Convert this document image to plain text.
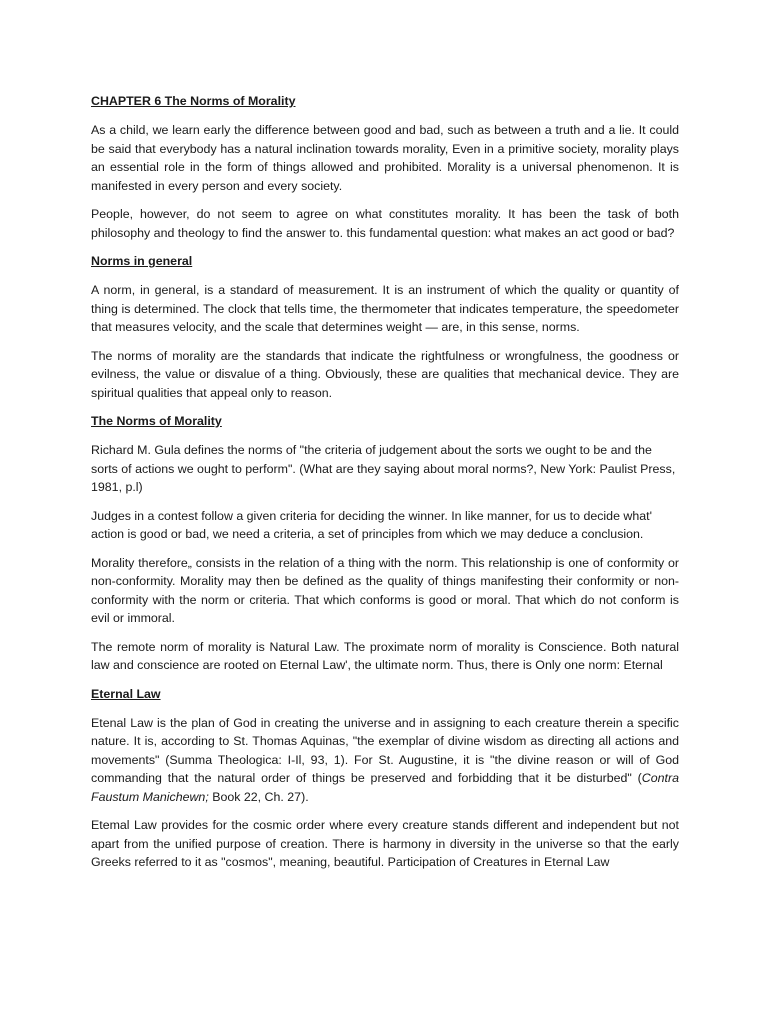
CHAPTER 6 The Norms of Morality

As a child, we learn early the difference between good and bad, such as between a truth and a lie. It could be said that everybody has a natural inclination towards morality, Even in a primitive society, morality plays an essential role in the form of things allowed and prohibited. Morality is a universal phenomenon. It is manifested in every person and every society.

People, however, do not seem to agree on what constitutes morality. It has been the task of both philosophy and theology to find the answer to. this fundamental question: what makes an act good or bad?

Norms in general

A norm, in general, is a standard of measurement. It is an instrument of which the quality or quantity of thing is determined. The clock that tells time, the thermometer that indicates temperature, the speedometer that measures velocity, and the scale that determines weight — are, in this sense, norms.

The norms of morality are the standards that indicate the rightfulness or wrongfulness, the goodness or evilness, the value or disvalue of a thing. Obviously, these are qualities that mechanical device. They are spiritual qualities that appeal only to reason.

The Norms of Morality

Richard M. Gula defines the norms of "the criteria of judgement about the sorts we ought to be and the sorts of actions we ought to perform". (What are they saying about moral norms?, New York: Paulist Press, 1981, p.l)

Judges in a contest follow a given criteria for deciding the winner. In like manner, for us to decide what' action is good or bad, we need a criteria, a set of principles from which we may deduce a conclusion.

Morality therefore„ consists in the relation of a thing with the norm. This relationship is one of conformity or non-conformity. Morality may then be defined as the quality of things manifesting their conformity or non-conformity with the norm or criteria. That which conforms is good or moral. That which do not conform is evil or immoral.

The remote norm of morality is Natural Law. The proximate norm of morality is Conscience. Both natural law and conscience are rooted on Eternal Law', the ultimate norm. Thus, there is Only one norm: Eternal

Eternal Law

Etenal Law is the plan of God in creating the universe and in assigning to each creature therein a specific nature. It is, according to St. Thomas Aquinas, "the exemplar of divine wisdom as directing all actions and movements" (Summa Theologica: I-Il, 93, 1). For St. Augustine, it is "the divine reason or will of God commanding that the natural order of things be preserved and forbidding that it be disturbed" (Contra Faustum Manichewn; Book 22, Ch. 27).

Etemal Law provides for the cosmic order where every creature stands different and independent but not apart from the unified purpose of creation. There is harmony in diversity in the universe so that the early Greeks referred to it as "cosmos", meaning, beautiful. Participation of Creatures in Eternal Law
